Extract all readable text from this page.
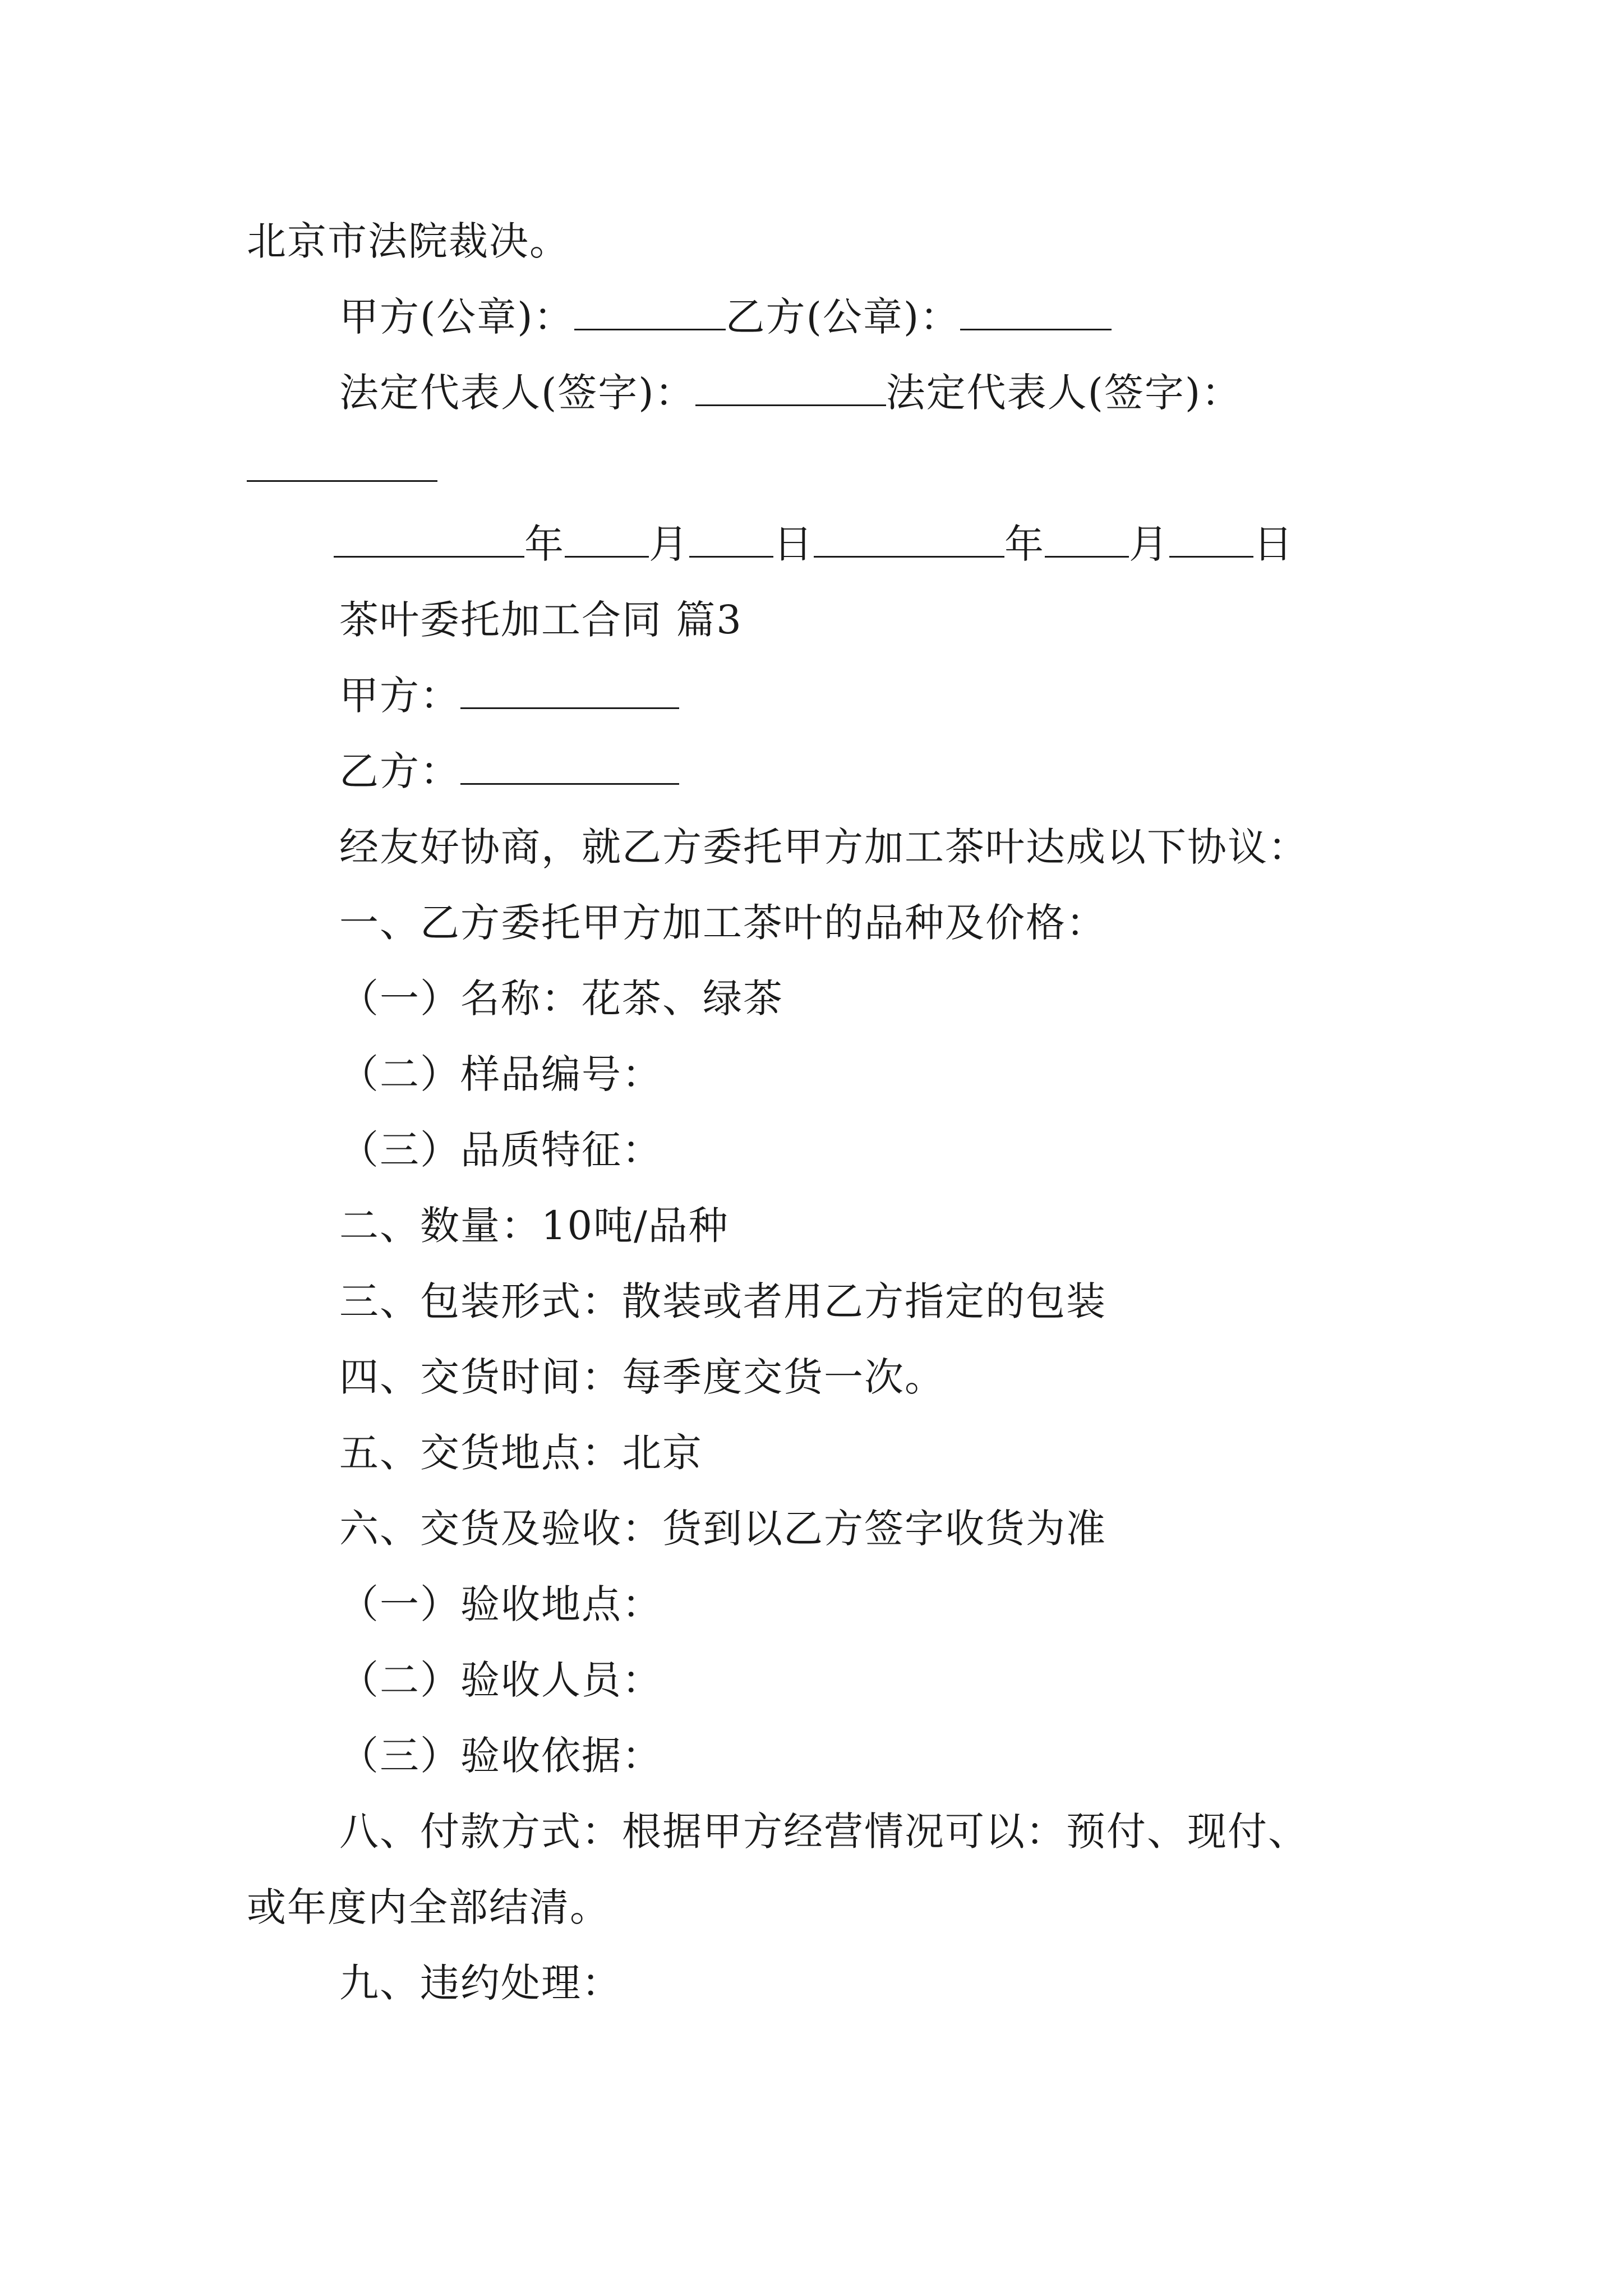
北京市法院裁决。
甲方(公章)：	乙方(公章)：
法定代表人(签字)：	法定代表人(签字)：
年 月 日	年 月 日
茶叶委托加工合同 篇3
甲方：
乙方：
经友好协商，就乙方委托甲方加工茶叶达成以下协议：
一、乙方委托甲方加工茶叶的品种及价格：
（一）名称：花茶、绿茶
（二）样品编号：
（三）品质特征：
二、数量：10吨/品种
三、包装形式：散装或者用乙方指定的包装
四、交货时间：每季度交货一次。
五、交货地点：北京
六、交货及验收：货到以乙方签字收货为准
（一）验收地点：
（二）验收人员：
（三）验收依据：
八、付款方式：根据甲方经营情况可以：预付、现付、
或年度内全部结清。
九、违约处理：
